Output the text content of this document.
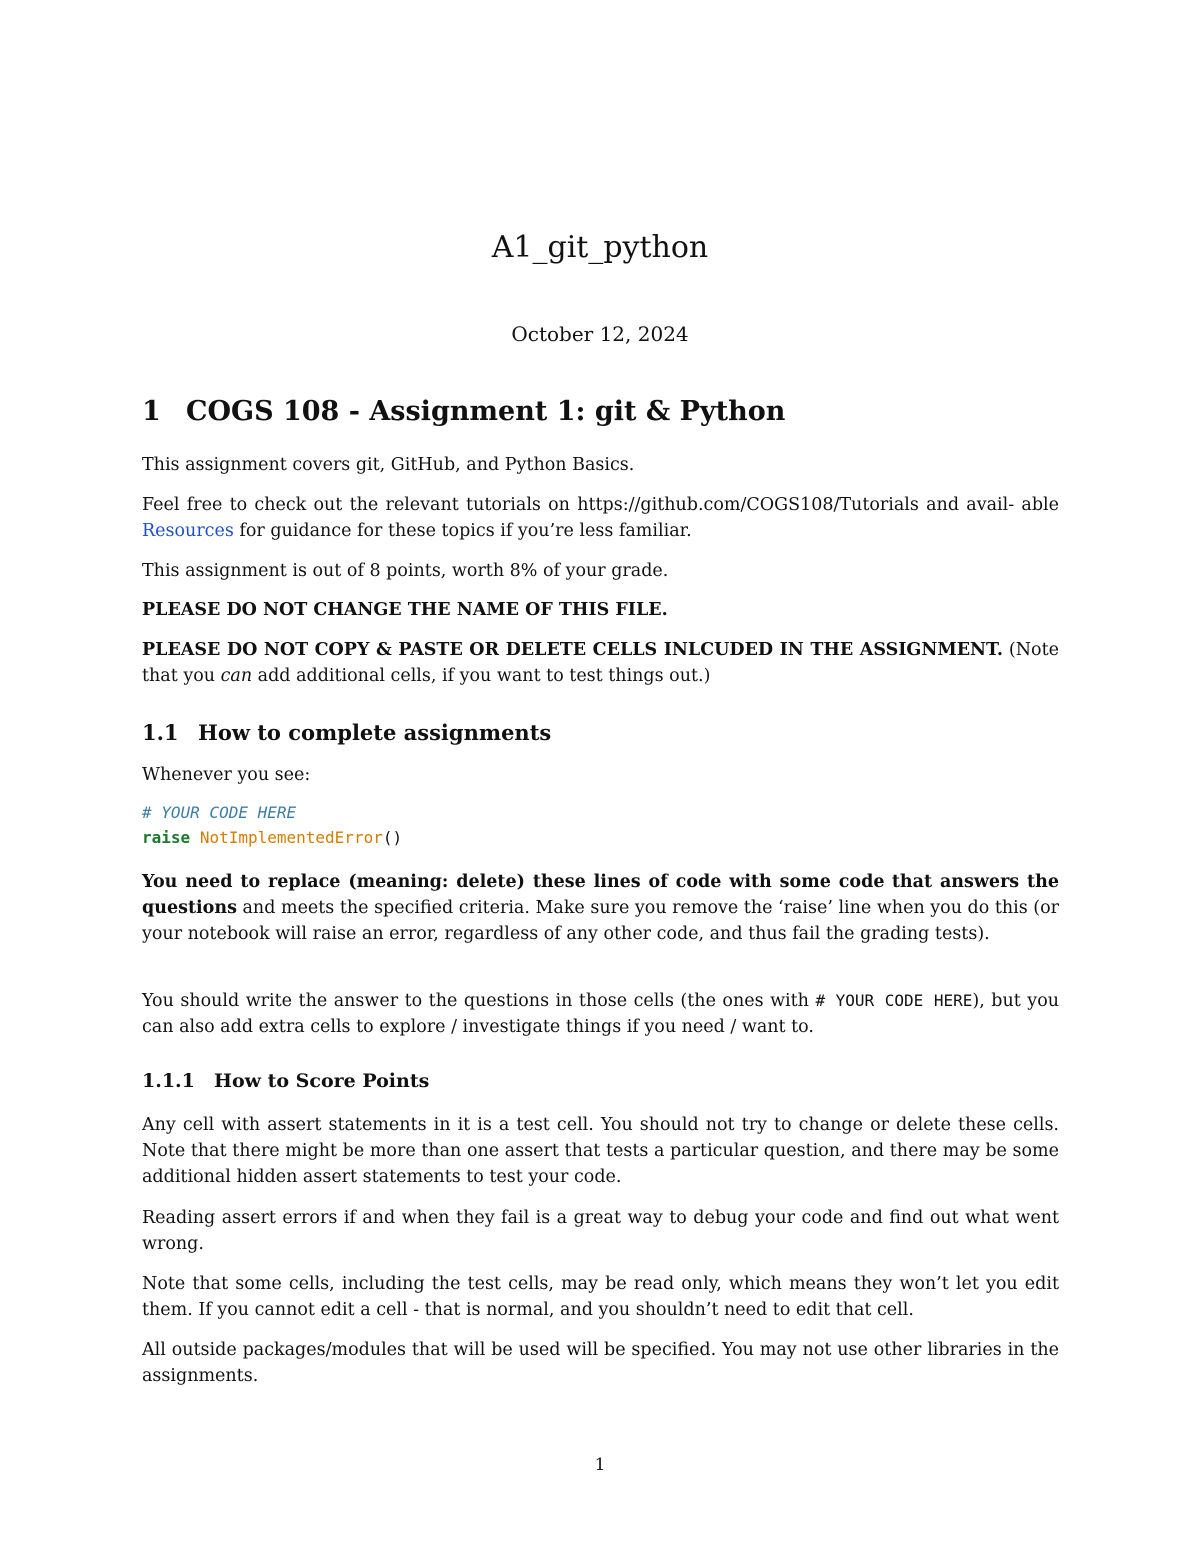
A1_git_python
October 12, 2024
1 COGS 108 - Assignment 1: git & Python
This assignment covers git, GitHub, and Python Basics.
Feel free to check out the relevant tutorials on https://github.com/COGS108/Tutorials and avail- able Resources for guidance for these topics if you’re less familiar.
This assignment is out of 8 points, worth 8% of your grade.
PLEASE DO NOT CHANGE THE NAME OF THIS FILE.
PLEASE DO NOT COPY & PASTE OR DELETE CELLS INLCUDED IN THE ASSIGNMENT. (Note that you can add additional cells, if you want to test things out.)
1.1 How to complete assignments
Whenever you see:
# YOUR CODE HERE
raise NotImplementedError()
You need to replace (meaning: delete) these lines of code with some code that answers the questions and meets the specified criteria. Make sure you remove the ‘raise’ line when you do this (or your notebook will raise an error, regardless of any other code, and thus fail the grading tests).
You should write the answer to the questions in those cells (the ones with # YOUR CODE HERE), but you can also add extra cells to explore / investigate things if you need / want to.
1.1.1 How to Score Points
Any cell with assert statements in it is a test cell. You should not try to change or delete these cells. Note that there might be more than one assert that tests a particular question, and there may be some additional hidden assert statements to test your code.
Reading assert errors if and when they fail is a great way to debug your code and find out what went wrong.
Note that some cells, including the test cells, may be read only, which means they won’t let you edit them. If you cannot edit a cell - that is normal, and you shouldn’t need to edit that cell.
All outside packages/modules that will be used will be specified. You may not use other libraries in the assignments.
1
